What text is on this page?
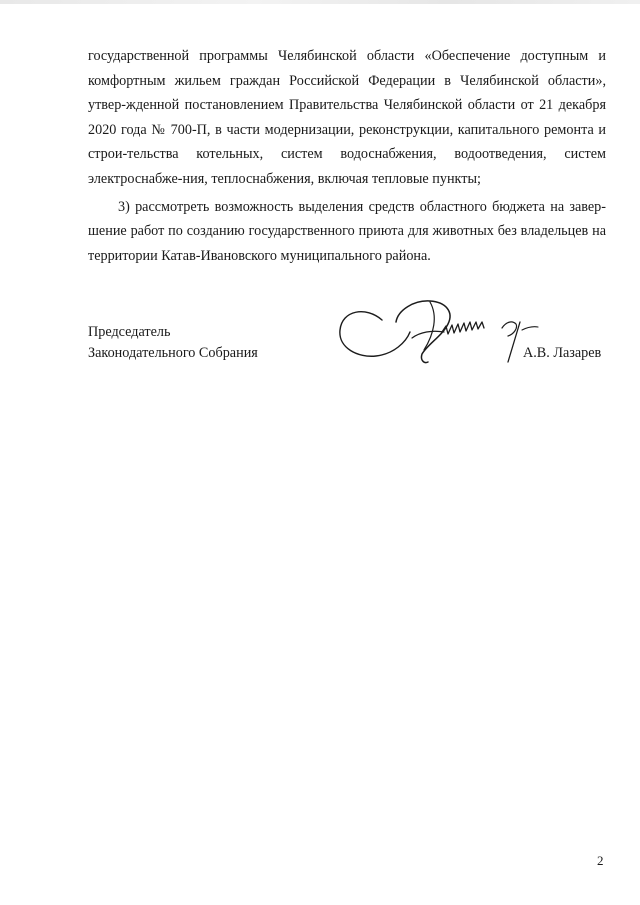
государственной программы Челябинской области «Обеспечение доступным и комфортным жильем граждан Российской Федерации в Челябинской области», утвер-жденной постановлением Правительства Челябинской области от 21 декабря 2020 года № 700-П, в части модернизации, реконструкции, капитального ремонта и строи-тельства котельных, систем водоснабжения, водоотведения, систем электроснабже-ния, теплоснабжения, включая тепловые пункты;

3) рассмотреть возможность выделения средств областного бюджета на завер-шение работ по созданию государственного приюта для животных без владельцев на территории Катав-Ивановского муниципального района.

Председатель
Законодательного Собрания	А.В. Лазарев
2
